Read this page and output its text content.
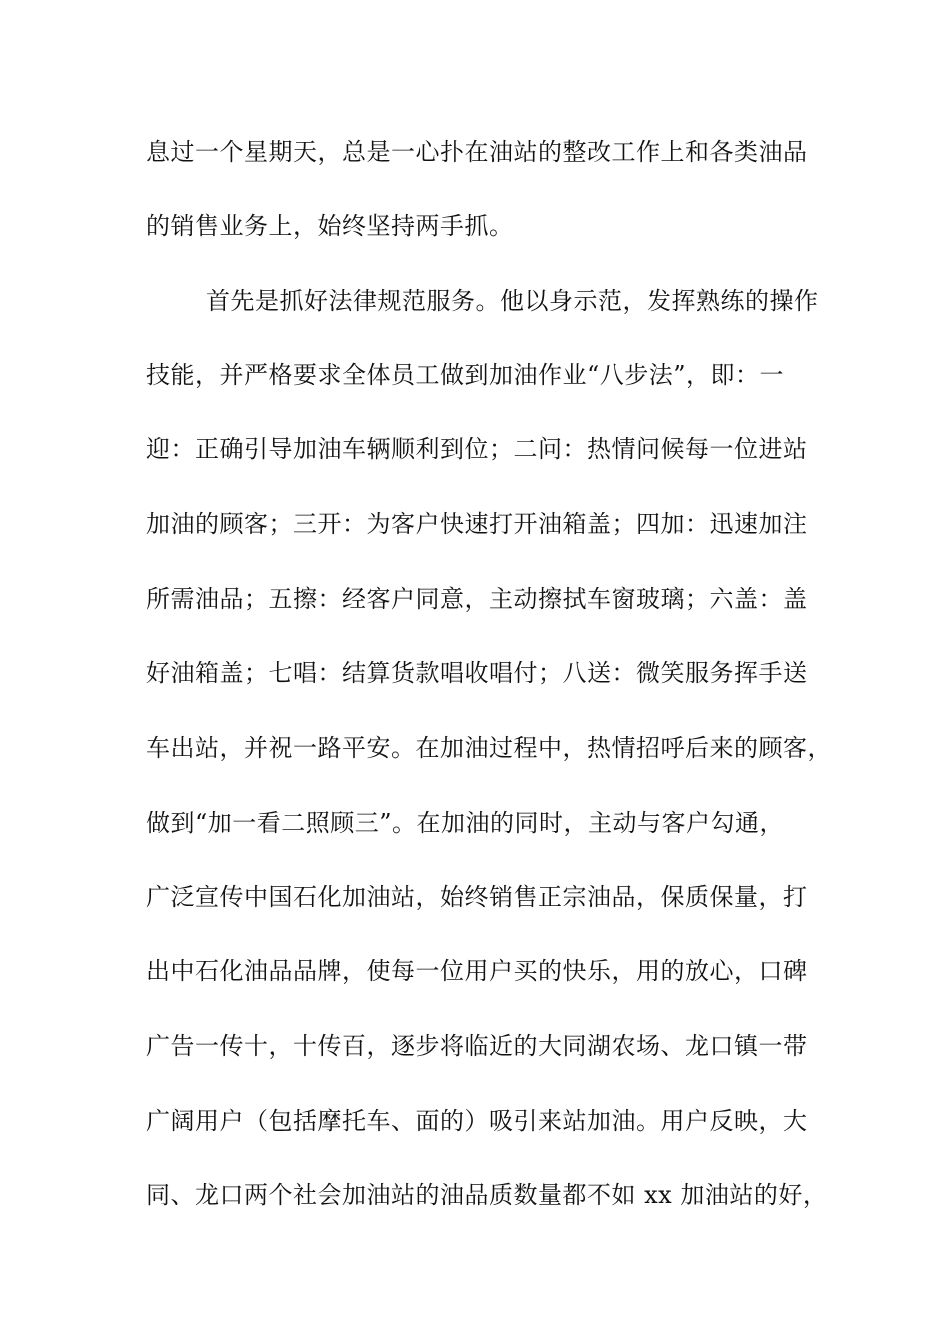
息过一个星期天，总是一心扑在油站的整改工作上和各类油品
的销售业务上，始终坚持两手抓。
首先是抓好法律规范服务。他以身示范，发挥熟练的操作
技能，并严格要求全体员工做到加油作业“八步法”，即：一
迎：正确引导加油车辆顺利到位；二问：热情问候每一位进站
加油的顾客；三开：为客户快速打开油箱盖；四加：迅速加注
所需油品；五擦：经客户同意，主动擦拭车窗玻璃；六盖：盖
好油箱盖；七唱：结算货款唱收唱付；八送：微笑服务挥手送
车出站，并祝一路平安。在加油过程中，热情招呼后来的顾客，
做到“加一看二照顾三”。在加油的同时，主动与客户勾通，
广泛宣传中国石化加油站，始终销售正宗油品，保质保量，打
出中石化油品品牌，使每一位用户买的快乐，用的放心，口碑
广告一传十，十传百，逐步将临近的大同湖农场、龙口镇一带
广阔用户（包括摩托车、面的）吸引来站加油。用户反映，大
同、龙口两个社会加油站的油品质数量都不如 xx 加油站的好，
